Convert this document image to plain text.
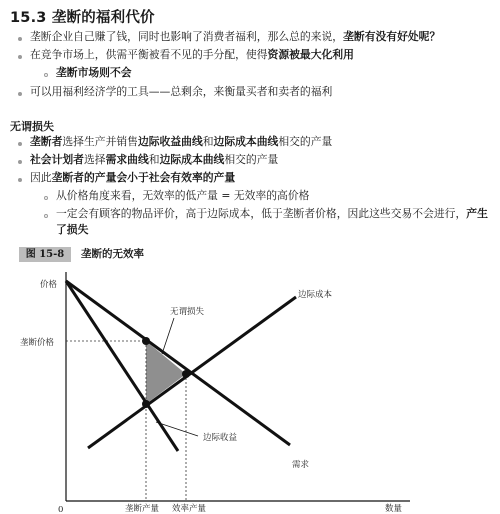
15.3 垄断的福利代价
垄断企业自己赚了钱，同时也影响了消费者福利，那么总的来说，垄断有没有好处呢？
在竞争市场上，供需平衡被看不见的手分配，使得资源被最大化利用
垄断市场则不会
可以用福利经济学的工具——总剩余，来衡量买者和卖者的福利
无谓损失
垄断者选择生产并销售边际收益曲线和边际成本曲线相交的产量
社会计划者选择需求曲线和边际成本曲线相交的产量
因此垄断者的产量会小于社会有效率的产量
从价格角度来看，无效率的低产量 = 无效率的高价格
一定会有顾客的物品评价，高于边际成本，低于垄断者价格，因此这些交易不会进行，产生
了损失
图 15-8	垄断的无效率
价格
垄断价格
0	垄断产量 效率产量	数量
边际成本
无谓损失
边际收益
需求
